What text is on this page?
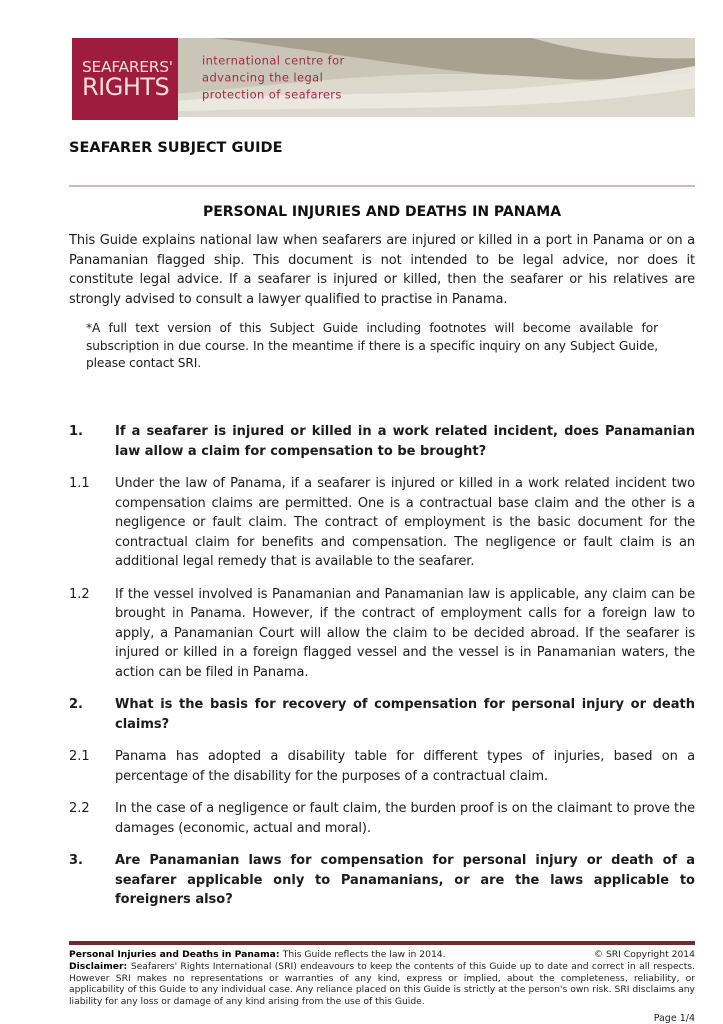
SEAFARERS'
RIGHTS
international centre for
advancing the legal
protection of seafarers
SEAFARER SUBJECT GUIDE
PERSONAL INJURIES AND DEATHS IN PANAMA

This Guide explains national law when seafarers are injured or killed in a port in Panama or on a Panamanian flagged ship. This document is not intended to be legal advice, nor does it constitute legal advice. If a seafarer is injured or killed, then the seafarer or his relatives are strongly advised to consult a lawyer qualified to practise in Panama.

*A full text version of this Subject Guide including footnotes will become available for subscription in due course. In the meantime if there is a specific inquiry on any Subject Guide, please contact SRI.

1.	If a seafarer is injured or killed in a work related incident, does Panamanian law allow a claim for compensation to be brought?
1.1	Under the law of Panama, if a seafarer is injured or killed in a work related incident two compensation claims are permitted. One is a contractual base claim and the other is a negligence or fault claim. The contract of employment is the basic document for the contractual claim for benefits and compensation. The negligence or fault claim is an additional legal remedy that is available to the seafarer.
1.2	If the vessel involved is Panamanian and Panamanian law is applicable, any claim can be brought in Panama. However, if the contract of employment calls for a foreign law to apply, a Panamanian Court will allow the claim to be decided abroad. If the seafarer is injured or killed in a foreign flagged vessel and the vessel is in Panamanian waters, the action can be filed in Panama.
2.	What is the basis for recovery of compensation for personal injury or death claims?
2.1	Panama has adopted a disability table for different types of injuries, based on a percentage of the disability for the purposes of a contractual claim.
2.2	In the case of a negligence or fault claim, the burden proof is on the claimant to prove the damages (economic, actual and moral).
3.	Are Panamanian laws for compensation for personal injury or death of a seafarer applicable only to Panamanians, or are the laws applicable to foreigners also?
Personal Injuries and Deaths in Panama: This Guide reflects the law in 2014.	© SRI Copyright 2014

Disclaimer: Seafarers' Rights International (SRI) endeavours to keep the contents of this Guide up to date and correct in all respects. However SRI makes no representations or warranties of any kind, express or implied, about the completeness, reliability, or applicability of this Guide to any individual case. Any reliance placed on this Guide is strictly at the person's own risk. SRI disclaims any liability for any loss or damage of any kind arising from the use of this Guide.

Page 1/4
